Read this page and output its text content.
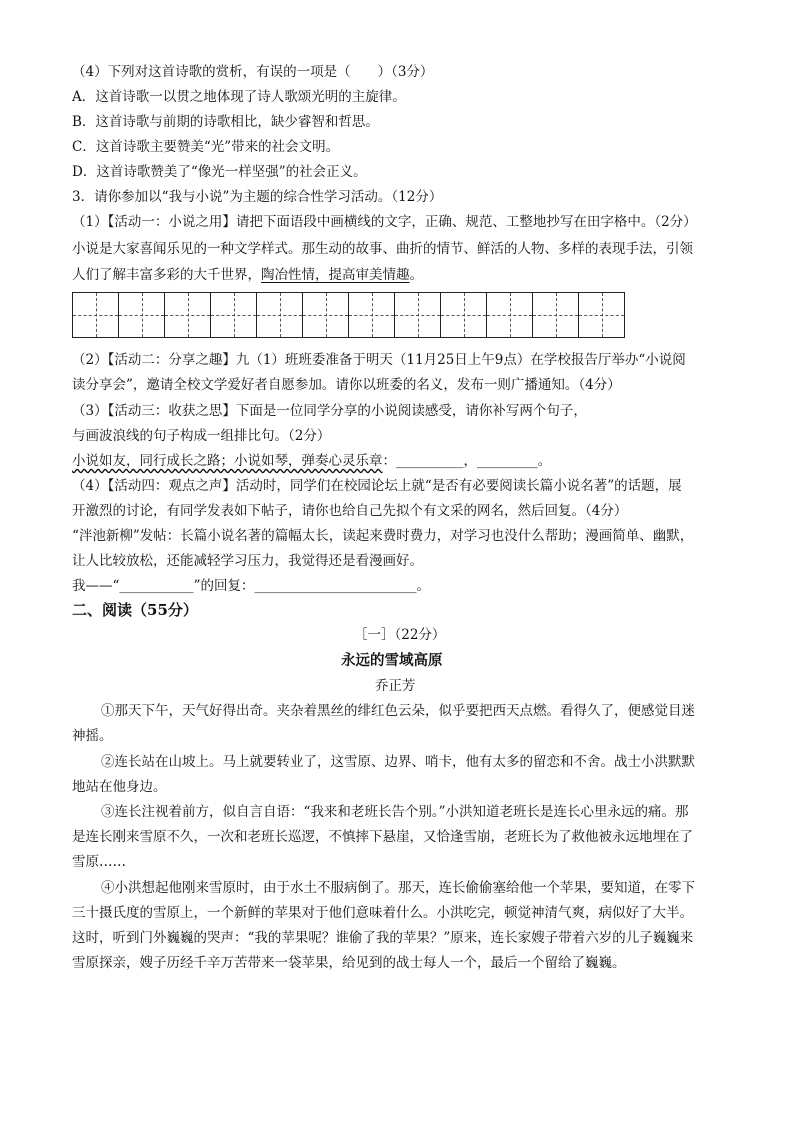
（4）下列对这首诗歌的赏析，有误的一项是（　　）（3分）
A．这首诗歌一以贯之地体现了诗人歌颂光明的主旋律。
B．这首诗歌与前期的诗歌相比，缺少睿智和哲思。
C．这首诗歌主要赞美“光”带来的社会文明。
D．这首诗歌赞美了“像光一样坚强”的社会正义。
3．请你参加以“我与小说”为主题的综合性学习活动。（12分）
（1）【活动一：小说之用】请把下面语段中画横线的文字，正确、规范、工整地抄写在田字格中。（2分）
小说是大家喜闻乐见的一种文学样式。那生动的故事、曲折的情节、鲜活的人物、多样的表现手法，引领
人们了解丰富多彩的大千世界，陶冶性情，提高审美情趣。
（2）【活动二：分享之趣】九（1）班班委准备于明天（11月25日上午9点）在学校报告厅举办“小说阅
读分享会”，邀请全校文学爱好者自愿参加。请你以班委的名义，发布一则广播通知。（4分）
（3）【活动三：收获之思】下面是一位同学分享的小说阅读感受，请你补写两个句子，
与画波浪线的句子构成一组排比句。（2分）
小说如友，同行成长之路；小说如琴，弹奏心灵乐章：__________，_________。
（4）【活动四：观点之声】活动时，同学们在校园论坛上就“是否有必要阅读长篇小说名著”的话题，展
开激烈的讨论，有同学发表如下帖子，请你也给自己先拟个有文采的网名，然后回复。（4分）
“泮池新柳”发帖：长篇小说名著的篇幅太长，读起来费时费力，对学习也没什么帮助；漫画简单、幽默，
让人比较放松，还能减轻学习压力，我觉得还是看漫画好。
我——“___________”的回复：________________________。
二、阅读（55分）
［一］（22分）
永远的雪域高原
乔正芳
①那天下午，天气好得出奇。夹杂着黑丝的绯红色云朵，似乎要把西天点燃。看得久了，便感觉目迷
神摇。
②连长站在山坡上。马上就要转业了，这雪原、边界、哨卡，他有太多的留恋和不舍。战士小洪默默
地站在他身边。
③连长注视着前方，似自言自语：“我来和老班长告个别。”小洪知道老班长是连长心里永远的痛。那
是连长刚来雪原不久，一次和老班长巡逻，不慎摔下悬崖，又恰逢雪崩，老班长为了救他被永远地埋在了
雪原……
④小洪想起他刚来雪原时，由于水土不服病倒了。那天，连长偷偷塞给他一个苹果，要知道，在零下
三十摄氏度的雪原上，一个新鲜的苹果对于他们意味着什么。小洪吃完，顿觉神清气爽，病似好了大半。
这时，听到门外巍巍的哭声：“我的苹果呢？谁偷了我的苹果？”原来，连长家嫂子带着六岁的儿子巍巍来
雪原探亲，嫂子历经千辛万苦带来一袋苹果，给见到的战士每人一个，最后一个留给了巍巍。
